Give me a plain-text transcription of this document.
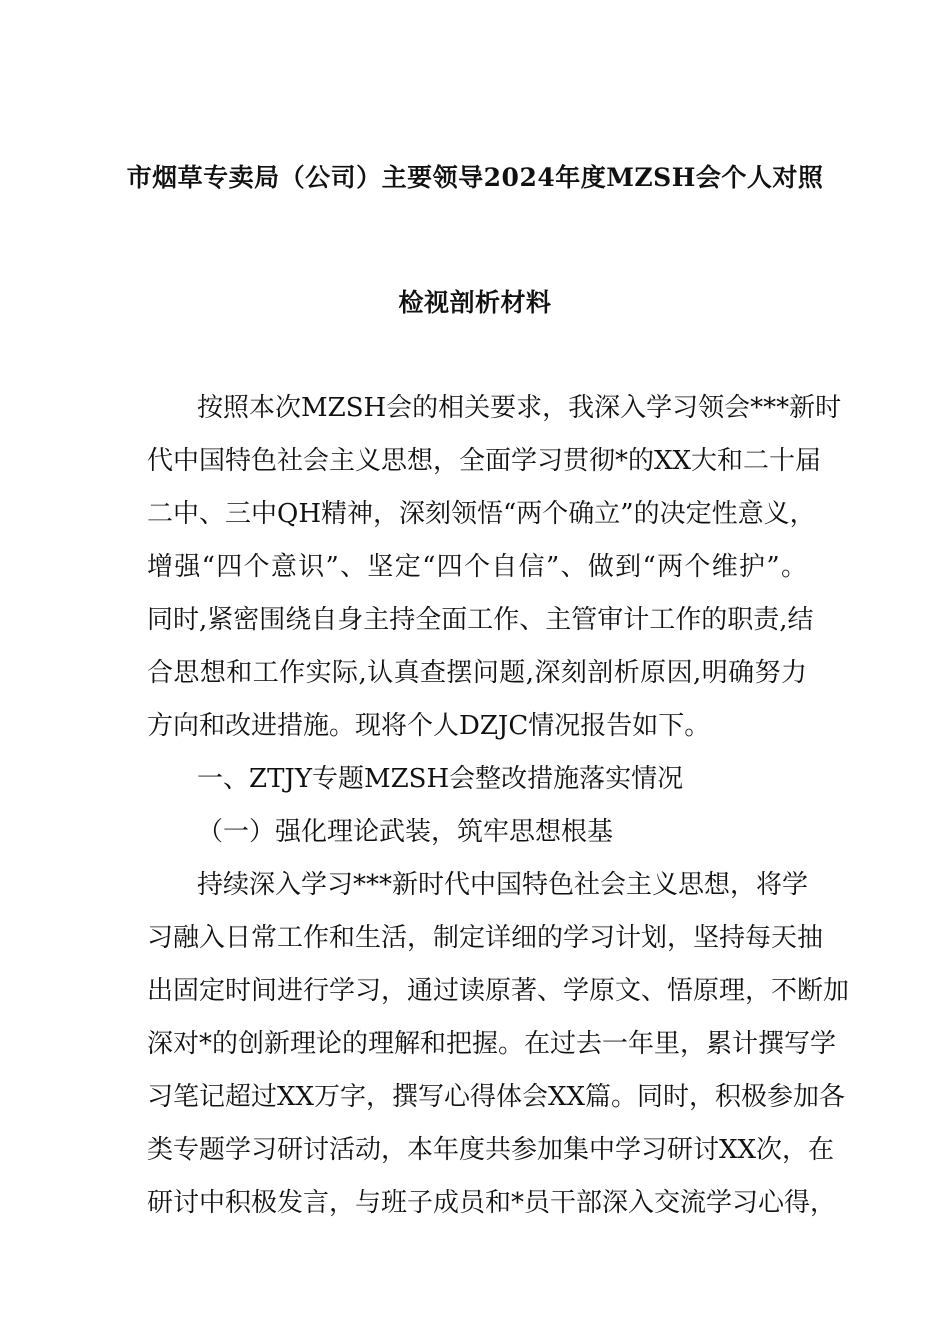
市烟草专卖局（公司）主要领导2024年度MZSH会个人对照
检视剖析材料
按照本次MZSH会的相关要求，我深入学习领会***新时
代中国特色社会主义思想，全面学习贯彻*的XX大和二十届
二中、三中QH精神，深刻领悟“两个确立”的决定性意义，
增强“四个意识”、坚定“四个自信”、做到“两个维护”。
同时,紧密围绕自身主持全面工作、主管审计工作的职责,结
合思想和工作实际,认真查摆问题,深刻剖析原因,明确努力
方向和改进措施。现将个人DZJC情况报告如下。
一、ZTJY专题MZSH会整改措施落实情况
（一）强化理论武装，筑牢思想根基
持续深入学习***新时代中国特色社会主义思想，将学
习融入日常工作和生活，制定详细的学习计划，坚持每天抽
出固定时间进行学习，通过读原著、学原文、悟原理，不断加
深对*的创新理论的理解和把握。在过去一年里，累计撰写学
习笔记超过XX万字，撰写心得体会XX篇。同时，积极参加各
类专题学习研讨活动，本年度共参加集中学习研讨XX次，在
研讨中积极发言，与班子成员和*员干部深入交流学习心得，
